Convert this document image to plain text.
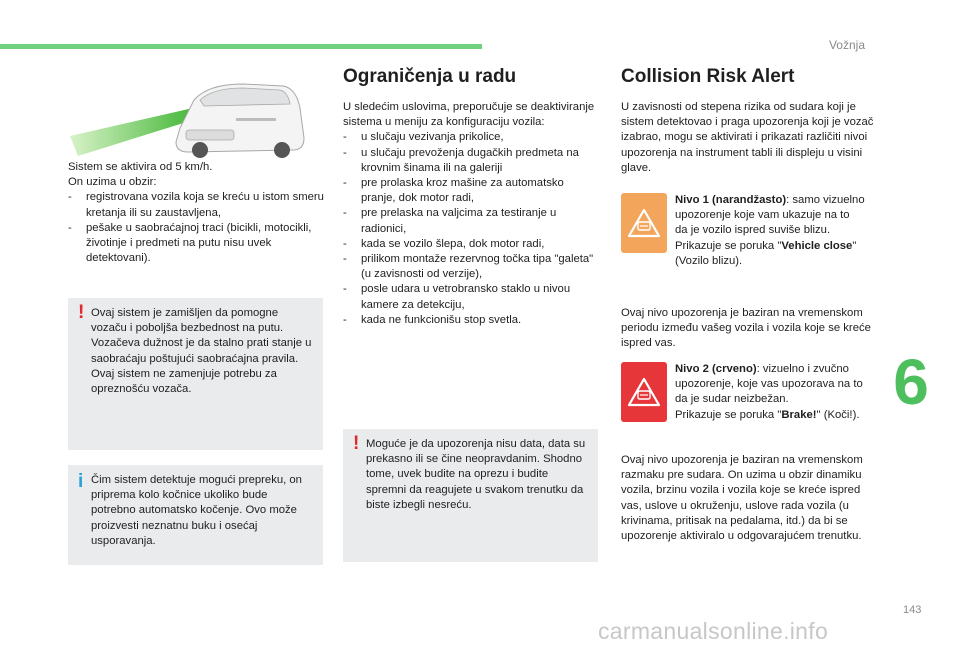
Vožnja
6

Sistem se aktivira od 5 km/h.

On uzima u obzir:

- registrovana vozila koja se kreću u istom smeru kretanja ili su zaustavljena,
- pešake u saobraćajnoj traci (bicikli, motocikli, životinje i predmeti na putu nisu uvek detektovani).
! Ovaj sistem je zamišljen da pomogne vozaču i poboljša bezbednost na putu.

Vozačeva dužnost je da stalno prati stanje u saobraćaju poštujući saobraćajna pravila.

Ovaj sistem ne zamenjuje potrebu za opreznošću vozača.

i Čim sistem detektuje mogući prepreku, on priprema kolo kočnice ukoliko bude potrebno automatsko kočenje. Ovo može proizvesti neznatnu buku i osećaj usporavanja.

Ograničenja u radu

U sledećim uslovima, preporučuje se deaktiviranje sistema u meniju za konfiguraciju vozila:

- u slučaju vezivanja prikolice,
- u slučaju prevoženja dugačkih predmeta na krovnim šinama ili na galeriji
- pre prolaska kroz mašine za automatsko pranje, dok motor radi,
- pre prelaska na valjcima za testiranje u radionici,
- kada se vozilo šlepa, dok motor radi,
- prilikom montaže rezervnog točka tipa "galeta" (u zavisnosti od verzije),
- posle udara u vetrobransko staklo u nivou kamere za detekciju,
- kada ne funkcionišu stop svetla.
! Moguće je da upozorenja nisu data, data su prekasno ili se čine neopravdanim. Shodno tome, uvek budite na oprezu i budite spremni da reagujete u svakom trenutku da biste izbegli nesreću.

Collision Risk Alert

U zavisnosti od stepena rizika od sudara koji je sistem detektovao i praga upozorenja koji je vozač izabrao, mogu se aktivirati i prikazati različiti nivoi upozorenja na instrument tabli ili displeju u visini glave.

Nivo 1 (narandžasto): samo vizuelno upozorenje koje vam ukazuje na to da je vozilo ispred suviše blizu.
Prikazuje se poruka "Vehicle close" (Vozilo blizu).

Ovaj nivo upozorenja je baziran na vremenskom periodu između vašeg vozila i vozila koje se kreće ispred vas.

Nivo 2 (crveno): vizuelno i zvučno upozorenje, koje vas upozorava na to da je sudar neizbežan.
Prikazuje se poruka "Brake!" (Koči!).

Ovaj nivo upozorenja je baziran na vremenskom razmaku pre sudara. On uzima u obzir dinamiku vozila, brzinu vozila i vozila koje se kreće ispred vas, uslove u okruženju, uslove rada vozila (u krivinama, pritisak na pedalama, itd.) da bi se upozorenje aktiviralo u odgovarajućem trenutku.

143
carmanualsonline.info
